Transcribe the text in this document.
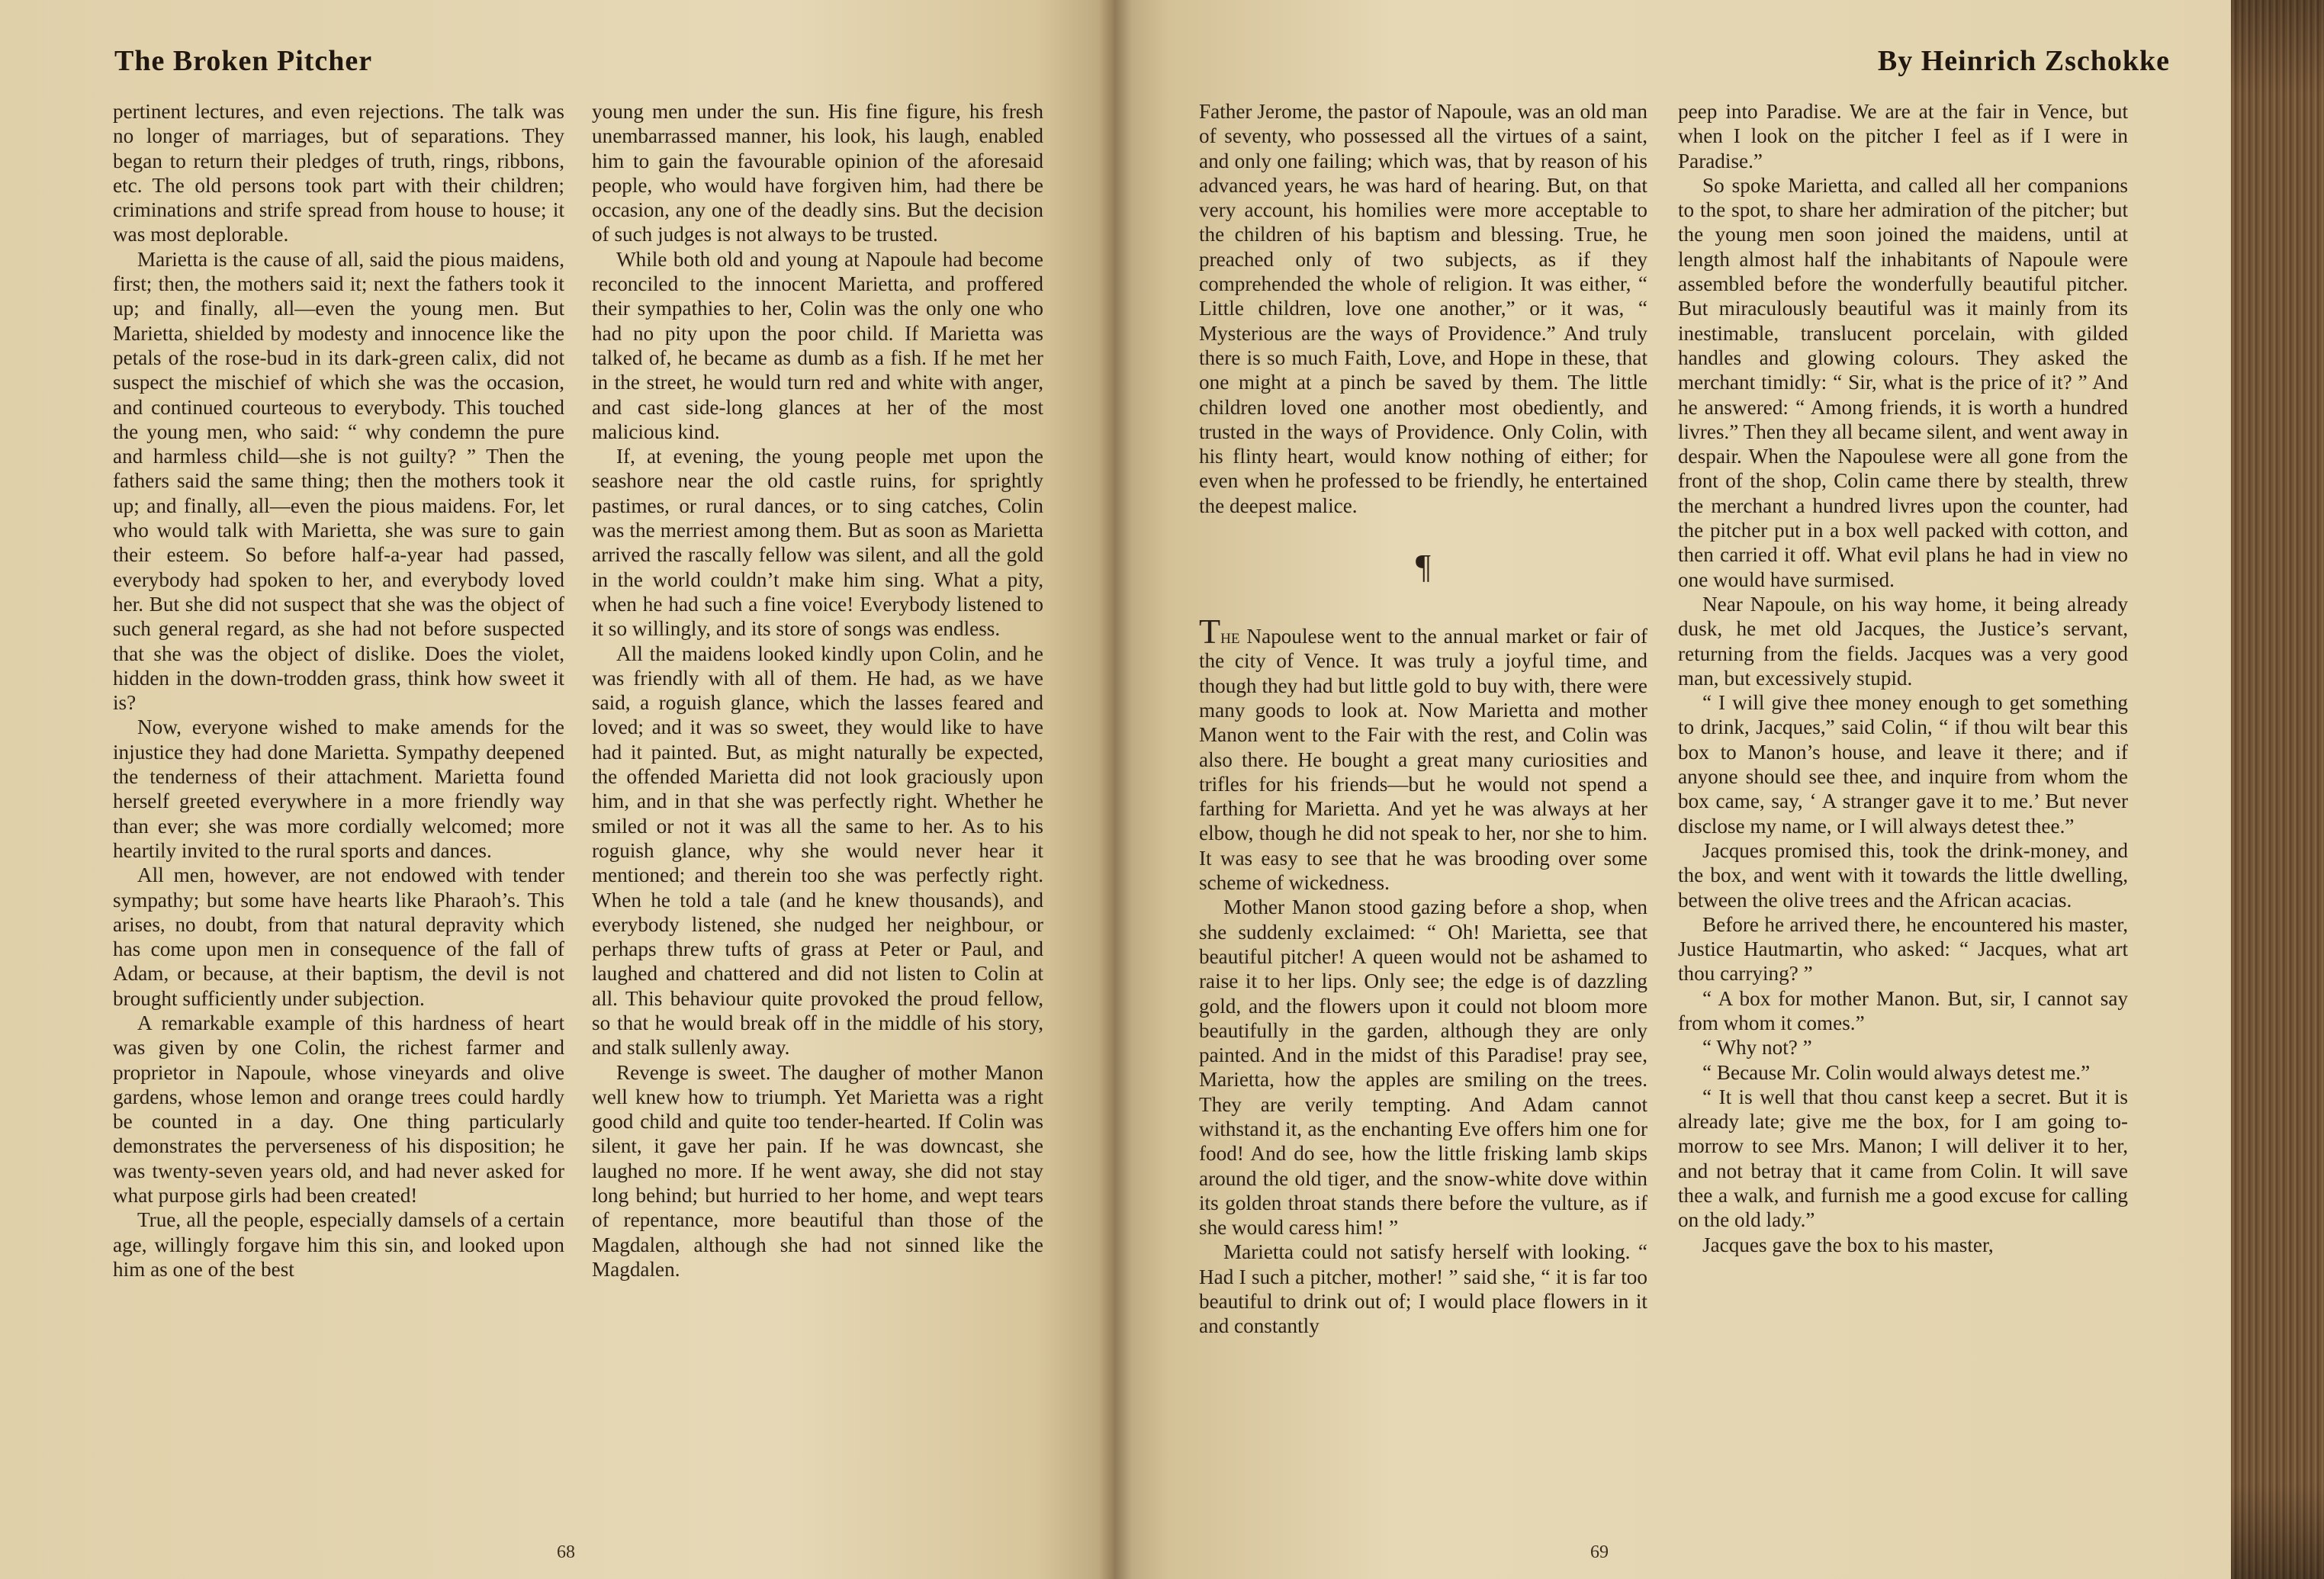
The Broken Pitcher

pertinent lectures, and even rejections. The talk was no longer of marriages, but of separations. They began to return their pledges of truth, rings, ribbons, etc. The old persons took part with their children; criminations and strife spread from house to house; it was most deplorable.

Marietta is the cause of all, said the pious maidens, first; then, the mothers said it; next the fathers took it up; and finally, all—even the young men. But Marietta, shielded by modesty and innocence like the petals of the rose-bud in its dark-green calix, did not suspect the mischief of which she was the occasion, and continued courteous to everybody. This touched the young men, who said: “ why condemn the pure and harmless child—she is not guilty? ” Then the fathers said the same thing; then the mothers took it up; and finally, all—even the pious maidens. For, let who would talk with Marietta, she was sure to gain their esteem. So before half-a-year had passed, everybody had spoken to her, and everybody loved her. But she did not suspect that she was the object of such general regard, as she had not before suspected that she was the object of dislike. Does the violet, hidden in the down-trodden grass, think how sweet it is?

Now, everyone wished to make amends for the injustice they had done Marietta. Sympathy deepened the tenderness of their attachment. Marietta found herself greeted everywhere in a more friendly way than ever; she was more cordially welcomed; more heartily invited to the rural sports and dances.

All men, however, are not endowed with tender sympathy; but some have hearts like Pharaoh’s. This arises, no doubt, from that natural depravity which has come upon men in consequence of the fall of Adam, or because, at their baptism, the devil is not brought sufficiently under subjection.

A remarkable example of this hardness of heart was given by one Colin, the richest farmer and proprietor in Napoule, whose vineyards and olive gardens, whose lemon and orange trees could hardly be counted in a day. One thing particularly demonstrates the perverseness of his disposition; he was twenty-seven years old, and had never asked for what purpose girls had been created!

True, all the people, especially damsels of a certain age, willingly forgave him this sin, and looked upon him as one of the best

young men under the sun. His fine figure, his fresh unembarrassed manner, his look, his laugh, enabled him to gain the favourable opinion of the aforesaid people, who would have forgiven him, had there be occasion, any one of the deadly sins. But the decision of such judges is not always to be trusted.

While both old and young at Napoule had become reconciled to the innocent Marietta, and proffered their sympathies to her, Colin was the only one who had no pity upon the poor child. If Marietta was talked of, he became as dumb as a fish. If he met her in the street, he would turn red and white with anger, and cast side-long glances at her of the most malicious kind.

If, at evening, the young people met upon the seashore near the old castle ruins, for sprightly pastimes, or rural dances, or to sing catches, Colin was the merriest among them. But as soon as Marietta arrived the rascally fellow was silent, and all the gold in the world couldn’t make him sing. What a pity, when he had such a fine voice! Everybody listened to it so willingly, and its store of songs was endless.

All the maidens looked kindly upon Colin, and he was friendly with all of them. He had, as we have said, a roguish glance, which the lasses feared and loved; and it was so sweet, they would like to have had it painted. But, as might naturally be expected, the offended Marietta did not look graciously upon him, and in that she was perfectly right. Whether he smiled or not it was all the same to her. As to his roguish glance, why she would never hear it mentioned; and therein too she was perfectly right. When he told a tale (and he knew thousands), and everybody listened, she nudged her neighbour, or perhaps threw tufts of grass at Peter or Paul, and laughed and chattered and did not listen to Colin at all. This behaviour quite provoked the proud fellow, so that he would break off in the middle of his story, and stalk sullenly away.

Revenge is sweet. The daugher of mother Manon well knew how to triumph. Yet Marietta was a right good child and quite too tender-hearted. If Colin was silent, it gave her pain. If he was downcast, she laughed no more. If he went away, she did not stay long behind; but hurried to her home, and wept tears of repentance, more beautiful than those of the Magdalen, although she had not sinned like the Magdalen.

68
By Heinrich Zschokke

Father Jerome, the pastor of Napoule, was an old man of seventy, who possessed all the virtues of a saint, and only one failing; which was, that by reason of his advanced years, he was hard of hearing. But, on that very account, his homilies were more acceptable to the children of his baptism and blessing. True, he preached only of two subjects, as if they comprehended the whole of religion. It was either, “ Little children, love one another,” or it was, “ Mysterious are the ways of Providence.” And truly there is so much Faith, Love, and Hope in these, that one might at a pinch be saved by them. The little children loved one another most obediently, and trusted in the ways of Providence. Only Colin, with his flinty heart, would know nothing of either; for even when he professed to be friendly, he entertained the deepest malice.

¶

The Napoulese went to the annual market or fair of the city of Vence. It was truly a joyful time, and though they had but little gold to buy with, there were many goods to look at. Now Marietta and mother Manon went to the Fair with the rest, and Colin was also there. He bought a great many curiosities and trifles for his friends—but he would not spend a farthing for Marietta. And yet he was always at her elbow, though he did not speak to her, nor she to him. It was easy to see that he was brooding over some scheme of wickedness.

Mother Manon stood gazing before a shop, when she suddenly exclaimed: “ Oh! Marietta, see that beautiful pitcher! A queen would not be ashamed to raise it to her lips. Only see; the edge is of dazzling gold, and the flowers upon it could not bloom more beautifully in the garden, although they are only painted. And in the midst of this Paradise! pray see, Marietta, how the apples are smiling on the trees. They are verily tempting. And Adam cannot withstand it, as the enchanting Eve offers him one for food! And do see, how the little frisking lamb skips around the old tiger, and the snow-white dove within its golden throat stands there before the vulture, as if she would caress him! ”

Marietta could not satisfy herself with looking. “ Had I such a pitcher, mother! ” said she, “ it is far too beautiful to drink out of; I would place flowers in it and constantly

peep into Paradise. We are at the fair in Vence, but when I look on the pitcher I feel as if I were in Paradise.”

So spoke Marietta, and called all her companions to the spot, to share her admiration of the pitcher; but the young men soon joined the maidens, until at length almost half the inhabitants of Napoule were assembled before the wonderfully beautiful pitcher. But miraculously beautiful was it mainly from its inestimable, translucent porcelain, with gilded handles and glowing colours. They asked the merchant timidly: “ Sir, what is the price of it? ” And he answered: “ Among friends, it is worth a hundred livres.” Then they all became silent, and went away in despair. When the Napoulese were all gone from the front of the shop, Colin came there by stealth, threw the merchant a hundred livres upon the counter, had the pitcher put in a box well packed with cotton, and then carried it off. What evil plans he had in view no one would have surmised.

Near Napoule, on his way home, it being already dusk, he met old Jacques, the Justice’s servant, returning from the fields. Jacques was a very good man, but excessively stupid.

“ I will give thee money enough to get something to drink, Jacques,” said Colin, “ if thou wilt bear this box to Manon’s house, and leave it there; and if anyone should see thee, and inquire from whom the box came, say, ‘ A stranger gave it to me.’ But never disclose my name, or I will always detest thee.”

Jacques promised this, took the drink-money, and the box, and went with it towards the little dwelling, between the olive trees and the African acacias.

Before he arrived there, he encountered his master, Justice Hautmartin, who asked: “ Jacques, what art thou carrying? ”

“ A box for mother Manon. But, sir, I cannot say from whom it comes.”

“ Why not? ”

“ Because Mr. Colin would always detest me.”

“ It is well that thou canst keep a secret. But it is already late; give me the box, for I am going to-morrow to see Mrs. Manon; I will deliver it to her, and not betray that it came from Colin. It will save thee a walk, and furnish me a good excuse for calling on the old lady.”

Jacques gave the box to his master,

69
